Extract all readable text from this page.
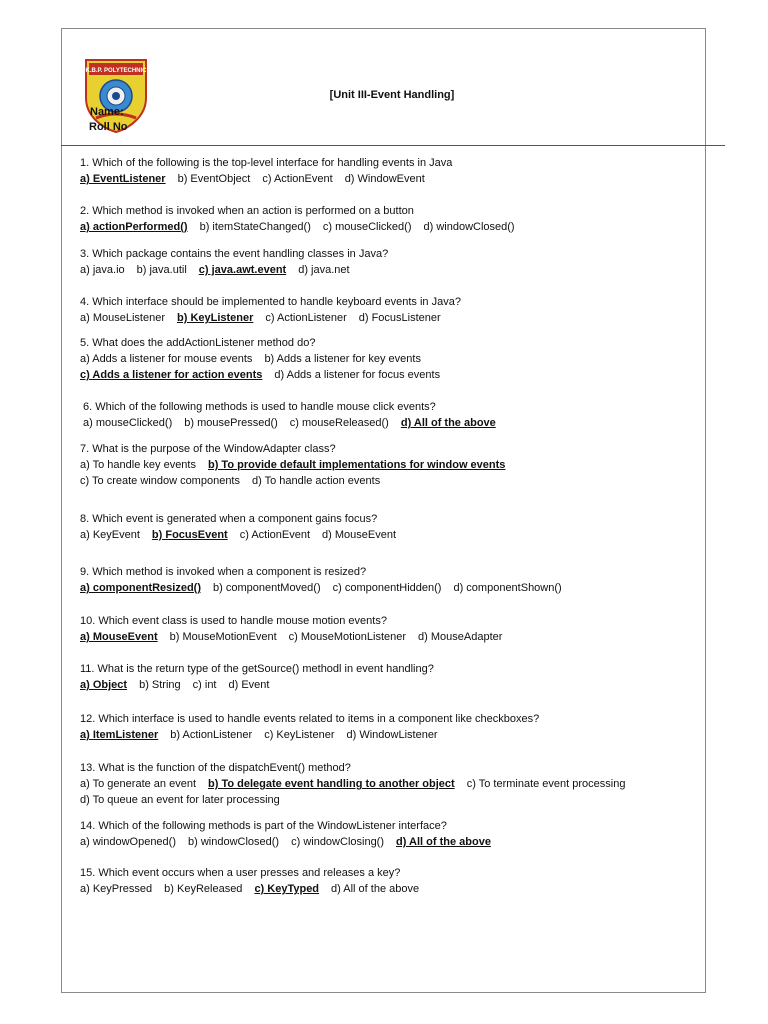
K.B.P. POLYTECHNIC
[Unit III-Event Handling]
Name:
Roll No
1. Which of the following is the top-level interface for handling events in Java
a) EventListener b) EventObject c) ActionEvent d) WindowEvent
2. Which method is invoked when an action is performed on a button
a) actionPerformed() b) itemStateChanged() c) mouseClicked() d) windowClosed()
3. Which package contains the event handling classes in Java?
a) java.io b) java.util c) java.awt.event d) java.net
4. Which interface should be implemented to handle keyboard events in Java?
a) MouseListener b) KeyListener c) ActionListener d) FocusListener
5. What does the addActionListener method do?
a) Adds a listener for mouse events b) Adds a listener for key events
c) Adds a listener for action events d) Adds a listener for focus events
6. Which of the following methods is used to handle mouse click events?
a) mouseClicked() b) mousePressed() c) mouseReleased() d) All of the above
7. What is the purpose of the WindowAdapter class?
a) To handle key events b) To provide default implementations for window events
c) To create window components d) To handle action events
8. Which event is generated when a component gains focus?
a) KeyEvent b) FocusEvent c) ActionEvent d) MouseEvent
9. Which method is invoked when a component is resized?
a) componentResized() b) componentMoved() c) componentHidden() d) componentShown()
10. Which event class is used to handle mouse motion events?
a) MouseEvent b) MouseMotionEvent c) MouseMotionListener d) MouseAdapter
11. What is the return type of the getSource() methodl in event handling?
a) Object b) String c) int d) Event
12. Which interface is used to handle events related to items in a component like checkboxes?
a) ItemListener b) ActionListener c) KeyListener d) WindowListener
13. What is the function of the dispatchEvent() method?
a) To generate an event b) To delegate event handling to another object c) To terminate event processing
d) To queue an event for later processing
14. Which of the following methods is part of the WindowListener interface?
a) windowOpened() b) windowClosed() c) windowClosing() d) All of the above
15. Which event occurs when a user presses and releases a key?
a) KeyPressed b) KeyReleased c) KeyTyped d) All of the above
